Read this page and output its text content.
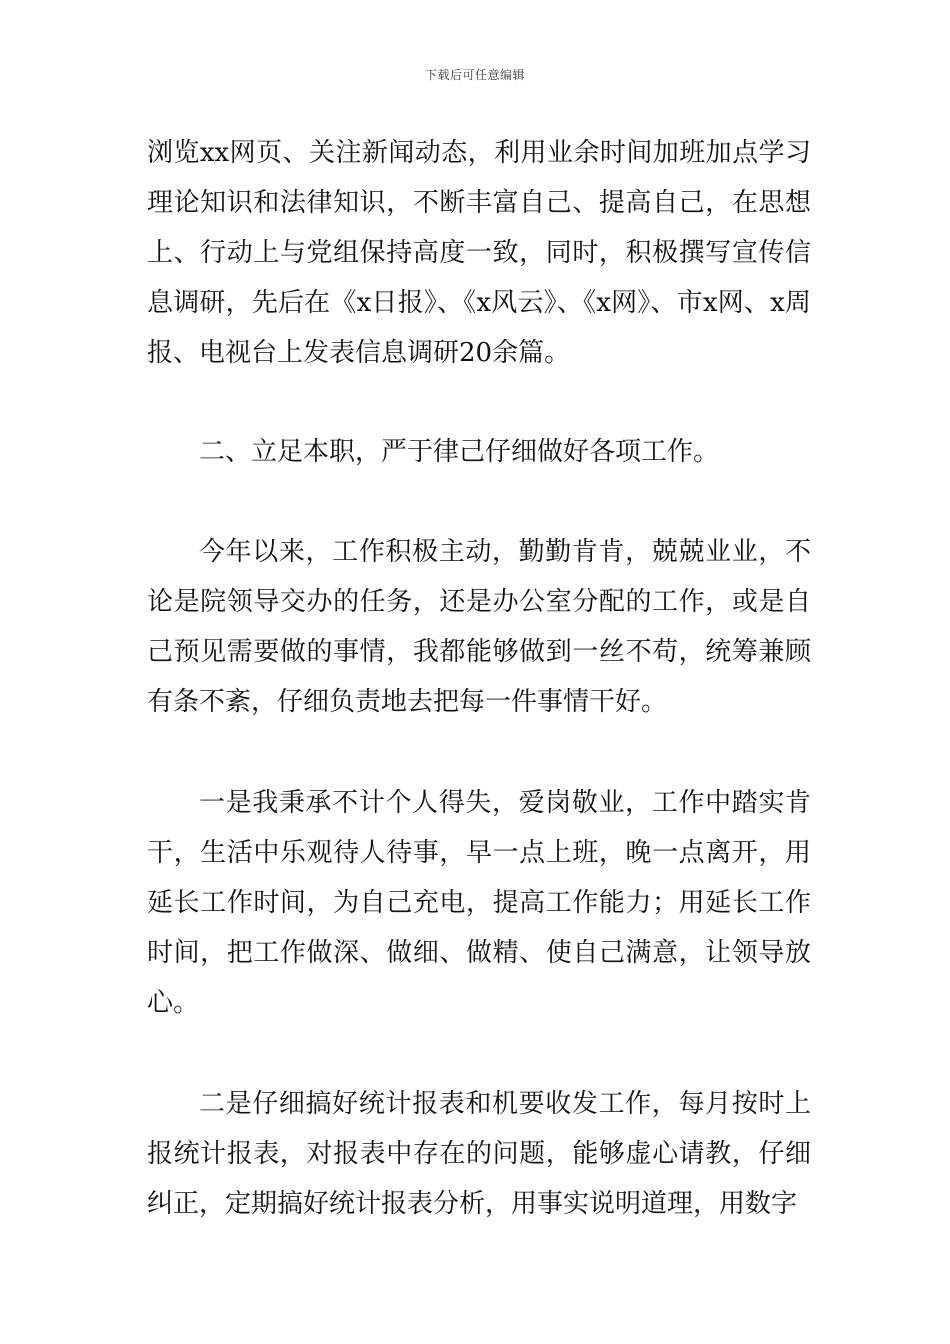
下载后可任意编辑

浏览xx网页、关注新闻动态，利用业余时间加班加点学习理论知识和法律知识，不断丰富自己、提高自己，在思想上、行动上与党组保持高度一致，同时，积极撰写宣传信息调研，先后在《x日报》、《x风云》、《x网》、市x网、x周报、电视台上发表信息调研20余篇。

二、立足本职，严于律己仔细做好各项工作。

今年以来，工作积极主动，勤勤肯肯，兢兢业业，不论是院领导交办的任务，还是办公室分配的工作，或是自己预见需要做的事情，我都能够做到一丝不苟，统筹兼顾有条不紊，仔细负责地去把每一件事情干好。

一是我秉承不计个人得失，爱岗敬业，工作中踏实肯干，生活中乐观待人待事，早一点上班，晚一点离开，用延长工作时间，为自己充电，提高工作能力；用延长工作时间，把工作做深、做细、做精、使自己满意，让领导放心。

二是仔细搞好统计报表和机要收发工作，每月按时上报统计报表，对报表中存在的问题，能够虚心请教，仔细纠正，定期搞好统计报表分析，用事实说明道理，用数字
